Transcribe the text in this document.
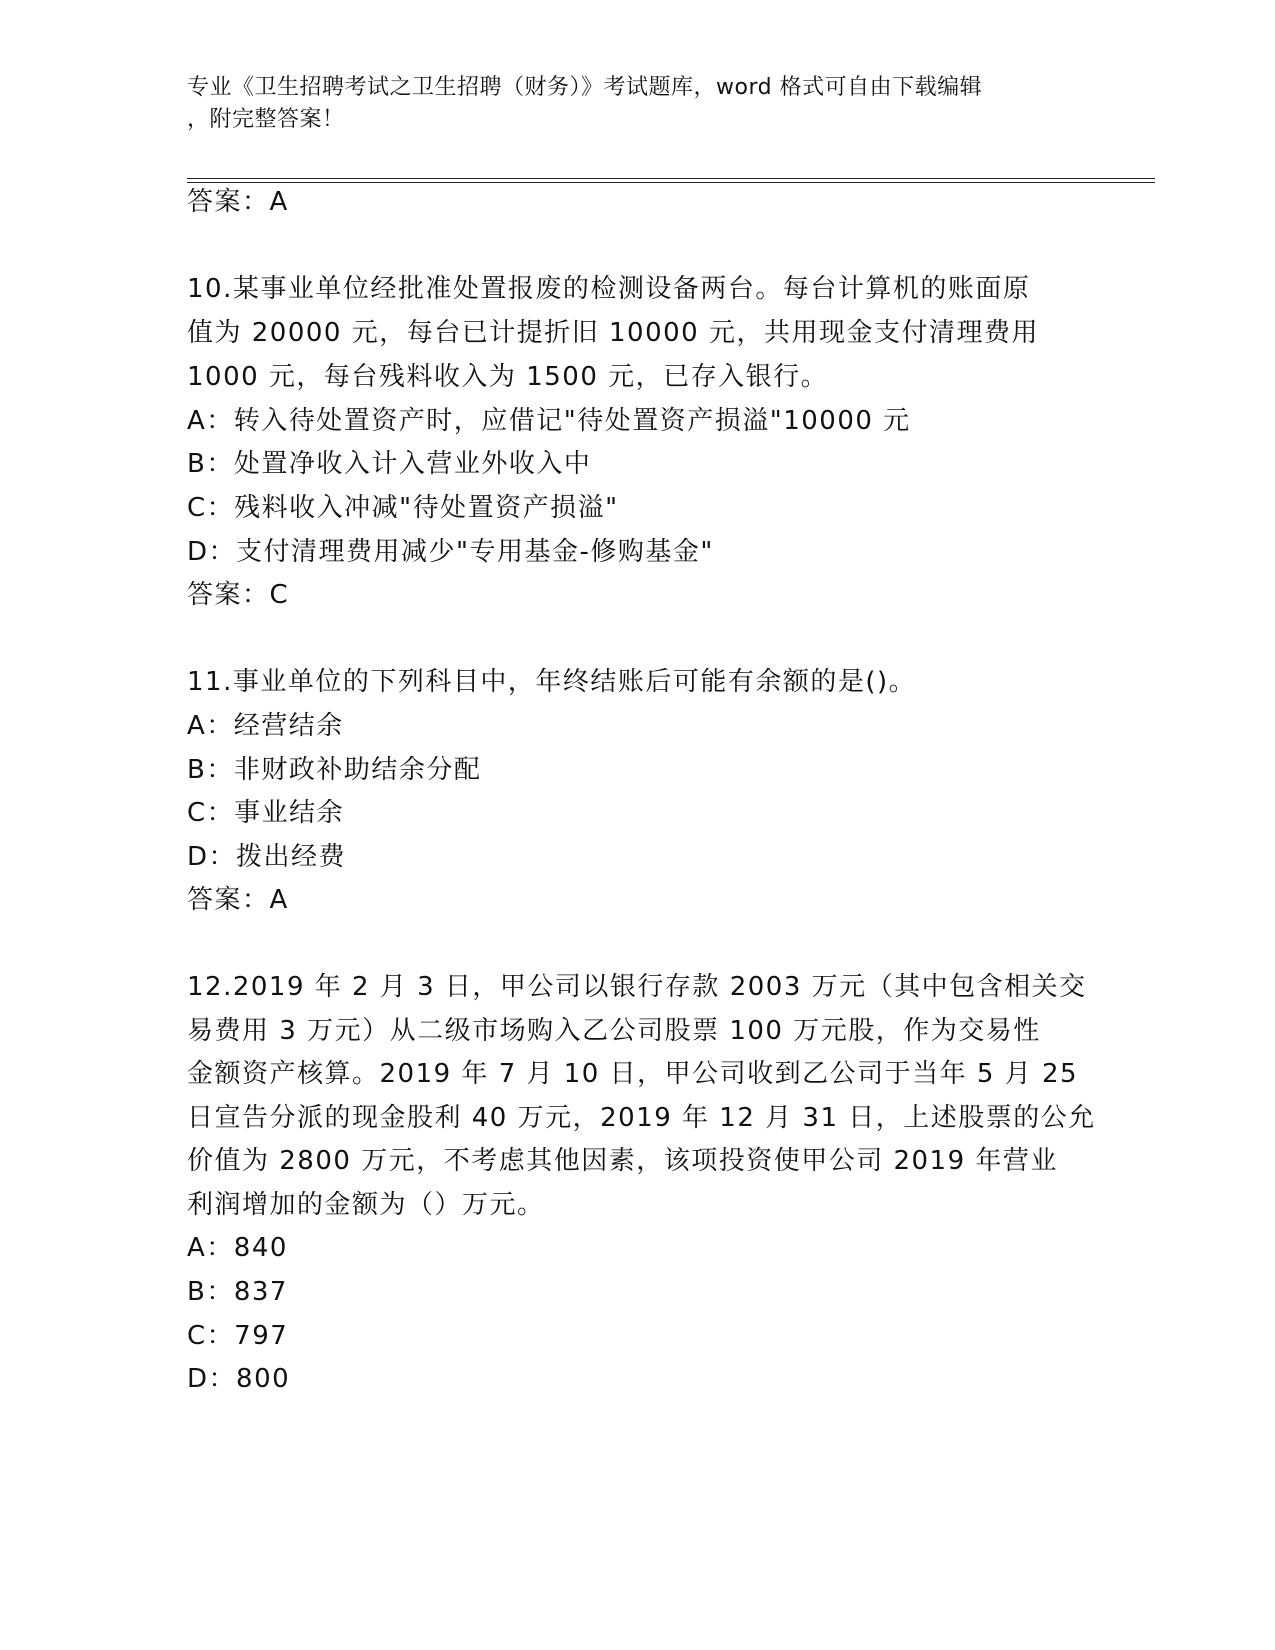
专业《卫生招聘考试之卫生招聘（财务）》考试题库，word 格式可自由下载编辑
，附完整答案！
答案：A
10.某事业单位经批准处置报废的检测设备两台。每台计算机的账面原
值为 20000 元，每台已计提折旧 10000 元，共用现金支付清理费用
1000 元，每台残料收入为 1500 元，已存入银行。
A：转入待处置资产时，应借记"待处置资产损溢"10000 元
B：处置净收入计入营业外收入中
C：残料收入冲减"待处置资产损溢"
D：支付清理费用减少"专用基金-修购基金"
答案：C
11.事业单位的下列科目中，年终结账后可能有余额的是()。
A：经营结余
B：非财政补助结余分配
C：事业结余
D：拨出经费
答案：A
12.2019 年 2 月 3 日，甲公司以银行存款 2003 万元（其中包含相关交
易费用 3 万元）从二级市场购入乙公司股票 100 万元股，作为交易性
金额资产核算。2019 年 7 月 10 日，甲公司收到乙公司于当年 5 月 25
日宣告分派的现金股利 40 万元，2019 年 12 月 31 日，上述股票的公允
价值为 2800 万元，不考虑其他因素，该项投资使甲公司 2019 年营业
利润增加的金额为（）万元。
A：840
B：837
C：797
D：800
